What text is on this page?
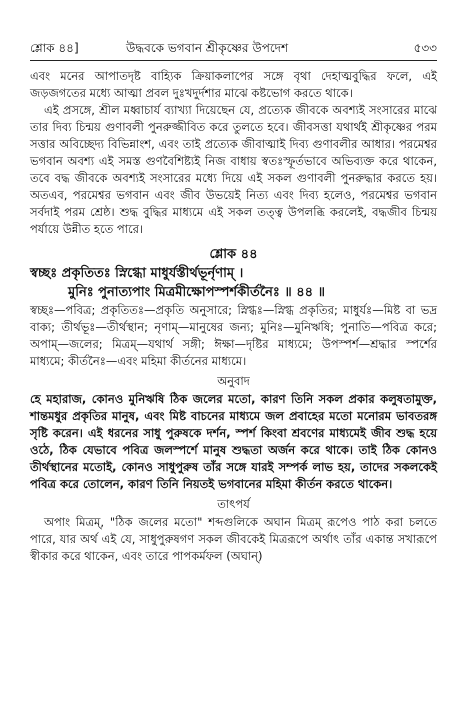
শ্লোক ৪৪]	উদ্ধবকে ভগবান শ্রীকৃষ্ণের উপদেশ	৫৩৩

এবং মনের আপাতদৃষ্ট বাহ্যিক ক্রিয়াকলাপের সঙ্গে বৃথা দেহাত্মবুদ্ধির ফলে, এই জড়জগতের মধ্যে আত্মা প্রবল দুঃখদুর্দশার মাঝে কষ্টভোগ করতে থাকে।

এই প্রসঙ্গে, শ্রীল মধ্বাচার্য ব্যাখ্যা দিয়েছেন যে, প্রত্যেক জীবকে অবশ্যই সংসারের মাঝে তার দিব্য চিন্ময় গুণাবলী পুনরুজ্জীবিত করে তুলতে হবে। জীবসত্তা যথার্থই শ্রীকৃষ্ণের পরম সত্তার অবিচ্ছেদ্য বিভিন্নাংশ, এবং তাই প্রত্যেক জীবাত্মাই দিব্য গুণাবলীর আধার। পরমেশ্বর ভগবান অবশ্য এই সমস্ত গুণবৈশিষ্ট্যই নিজ বাধায় স্বতঃস্ফূর্তভাবে অভিব্যক্ত করে থাকেন, তবে বদ্ধ জীবকে অবশ্যই সংসারের মধ্যে দিয়ে এই সকল গুণাবলী পুনরুদ্ধার করতে হয়। অতএব, পরমেশ্বর ভগবান এবং জীব উভয়েই নিত্য এবং দিব্য হলেও, পরমেশ্বর ভগবান সর্বদাই পরম শ্রেষ্ঠ। শুদ্ধ বুদ্ধির মাধ্যমে এই সকল তত্ত্ব উপলব্ধি করলেই, বদ্ধজীব চিন্ময় পর্যায়ে উন্নীত হতে পারে।

শ্লোক ৪৪
স্বচ্ছঃ প্রকৃতিতঃ স্নিগ্ধো মাধুর্যস্তীর্থভূর্নৃণাম্ ।
মুনিঃ পুনাত্যপাং মিত্রমীক্ষোপস্পর্শকীর্তনৈঃ ॥ ৪৪ ॥

স্বচ্ছঃ—পবিত্র; প্রকৃতিতঃ—প্রকৃতি অনুসারে; স্নিগ্ধঃ—স্নিগ্ধ প্রকৃতির; মাধুর্যঃ—মিষ্ট বা ভদ্র বাক্য; তীর্থভূঃ—তীর্থস্থান; নৃণাম্—মানুষের জন্য; মুনিঃ—মুনিঋষি; পুনাতি—পবিত্র করে; অপাম্—জলের; মিত্রম্—যথার্থ সঙ্গী; ঈক্ষা—দৃষ্টির মাধ্যমে; উপস্পর্শ—শ্রদ্ধার স্পর্শের মাধ্যমে; কীর্তনৈঃ—এবং মহিমা কীর্তনের মাধ্যমে।

অনুবাদ

হে মহারাজ, কোনও মুনিঋষি ঠিক জলের মতো, কারণ তিনি সকল প্রকার কলুষতামুক্ত, শান্তমধুর প্রকৃতির মানুষ, এবং মিষ্ট বাচনের মাধ্যমে জল প্রবাহের মতো মনোরম ভাবতরঙ্গ সৃষ্টি করেন। এই ধরনের সাধু পুরুষকে দর্শন, স্পর্শ কিংবা শ্রবণের মাধ্যমেই জীব শুদ্ধ হয়ে ওঠে, ঠিক যেভাবে পবিত্র জলস্পর্শে মানুষ শুদ্ধতা অর্জন করে থাকে। তাই ঠিক কোনও তীর্থস্থানের মতোই, কোনও সাধুপুরুষ তাঁর সঙ্গে যারই সম্পর্ক লাভ হয়, তাদের সকলকেই পবিত্র করে তোলেন, কারণ তিনি নিয়তই ভগবানের মহিমা কীর্তন করতে থাকেন।

তাৎপর্য

অপাং মিত্রম্, "ঠিক জলের মতো" শব্দগুলিকে অঘান মিত্রম্ রূপেও পাঠ করা চলতে পারে, যার অর্থ এই যে, সাধুপুরুষগণ সকল জীবকেই মিত্ররূপে অর্থাৎ তাঁর একান্ত সখারূপে স্বীকার করে থাকেন, এবং তারে পাপকর্মফল (অঘান্)
